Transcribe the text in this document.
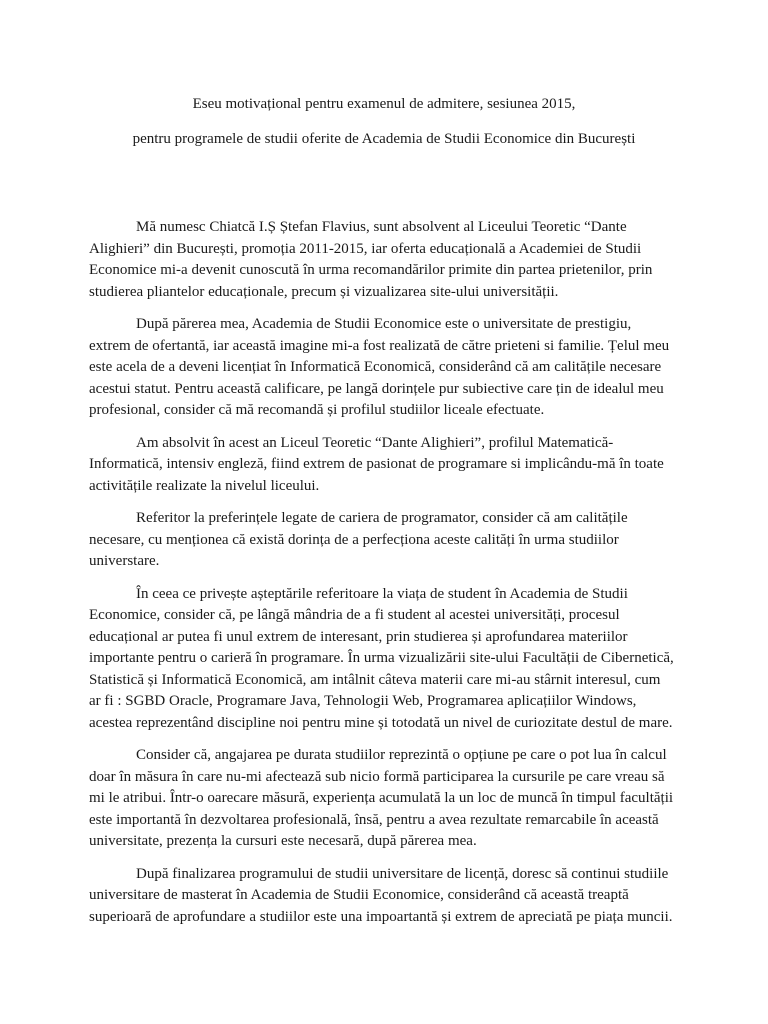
Eseu motivațional pentru examenul de admitere, sesiunea 2015,
pentru programele de studii oferite de Academia de Studii Economice din București

Mă numesc Chiatcă I.Ș Ștefan Flavius, sunt absolvent al Liceului Teoretic “Dante
Alighieri” din București, promoția 2011-2015, iar oferta educațională a Academiei de Studii
Economice mi-a devenit cunoscută în urma recomandărilor primite din partea prietenilor, prin
studierea pliantelor educaționale, precum și vizualizarea site-ului universității.

După părerea mea, Academia de Studii Economice este o universitate de prestigiu,
extrem de ofertantă, iar această imagine mi-a fost realizată de către prieteni si familie. Țelul meu
este acela de a deveni licențiat în Informatică Economică, considerând că am calitățile necesare
acestui statut. Pentru această calificare, pe langă dorințele pur subiective care țin de idealul meu
profesional, consider că mă recomandă și profilul studiilor liceale efectuate.

Am absolvit în acest an Liceul Teoretic “Dante Alighieri”, profilul Matematică-
Informatică, intensiv engleză, fiind extrem de pasionat de programare si implicându-mă în toate
activitățile realizate la nivelul liceului.

Referitor la preferințele legate de cariera de programator, consider că am calitățile
necesare, cu menționea că există dorința de a perfecționa aceste calități în urma studiilor
universtare.

În ceea ce privește așteptările referitoare la viața de student în Academia de Studii
Economice, consider că, pe lângă mândria de a fi student al acestei universități, procesul
educațional ar putea fi unul extrem de interesant, prin studierea și aprofundarea materiilor
importante pentru o carieră în programare. În urma vizualizării site-ului Facultății de Cibernetică,
Statistică și Informatică Economică, am intâlnit câteva materii care mi-au stârnit interesul, cum
ar fi : SGBD Oracle, Programare Java, Tehnologii Web, Programarea aplicațiilor Windows,
acestea reprezentând discipline noi pentru mine și totodată un nivel de curiozitate destul de mare.

Consider că, angajarea pe durata studiilor reprezintă o opțiune pe care o pot lua în calcul
doar în măsura în care nu-mi afectează sub nicio formă participarea la cursurile pe care vreau să
mi le atribui. Într-o oarecare măsură, experiența acumulată la un loc de muncă în timpul facultății
este importantă în dezvoltarea profesională, însă, pentru a avea rezultate remarcabile în această
universitate, prezența la cursuri este necesară, după părerea mea.

După finalizarea programului de studii universitare de licență, doresc să continui studiile
universitare de masterat în Academia de Studii Economice, considerând că această treaptă
superioară de aprofundare a studiilor este una impoartantă și extrem de apreciată pe piața muncii.
